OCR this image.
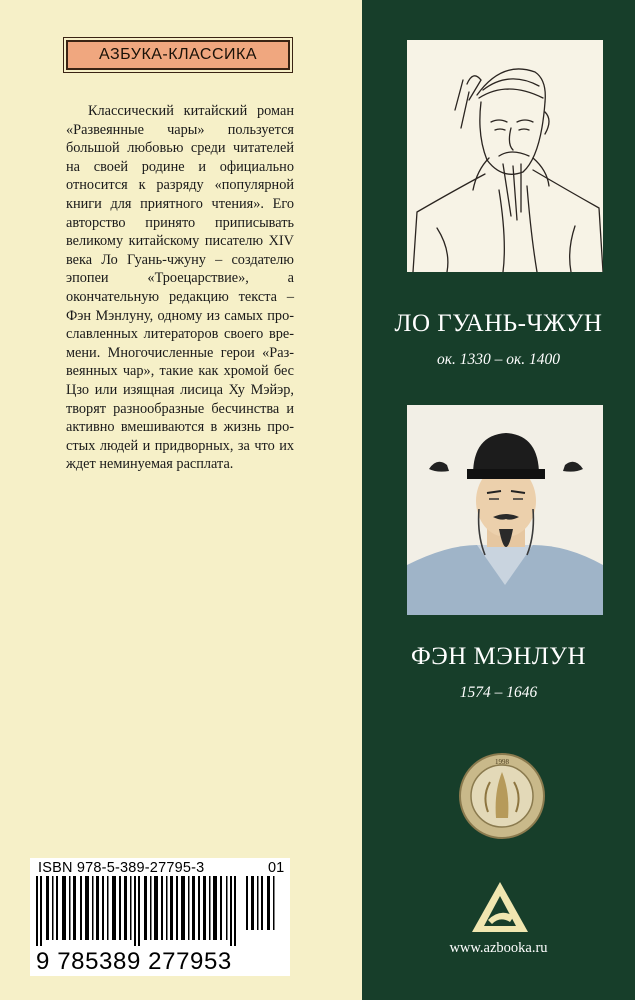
АЗБУКА-КЛАССИКА
Классический китайский роман «Развеянные чары» пользуется большой любовью среди читателей на своей родине и официально относится к разряду «популярной книги для приятного чтения». Его авторство принято приписывать великому китайскому писателю XIV века Ло Гуань-чжуну – создателю эпопеи «Троецарствие», а окончательную редакцию текста – Фэн Мэнлуну, одному из самых прославленных литераторов своего времени. Многочисленные герои «Развеянных чар», такие как хромой бес Цзо или изящная лисица Ху Мэйэр, творят разнообразные бесчинства и активно вмешиваются в жизнь простых людей и придворных, за что их ждет неминуемая расплата.
ЛО ГУАНЬ-ЧЖУН
ок. 1330 – ок. 1400
ФЭН МЭНЛУН
1574 – 1646
1998
ISBN 978-5-389-27795-3	01
9 785389 277953	www.azbooka.ru
